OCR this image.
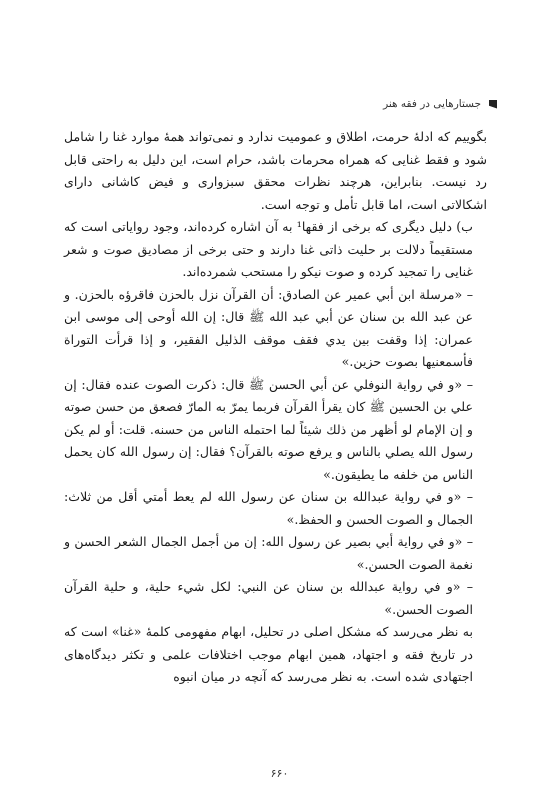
جستارهایی در فقه هنر

بگوییم که ادلهٔ حرمت، اطلاق و عمومیت ندارد و نمی‌تواند همهٔ موارد غنا را شامل شود و فقط غنایی که همراه محرمات باشد، حرام است، این دلیل به راحتی قابل رد نیست. بنابراین، هرچند نظرات محقق سبزواری و فیض کاشانی دارای اشکالاتی است، اما قابل تأمل و توجه است.

ب) دلیل دیگری که برخی از فقها¹ به آن اشاره کرده‌اند، وجود روایاتی است که مستقیماً دلالت بر حلیت ذاتی غنا دارند و حتی برخی از مصادیق صوت و شعر غنایی را تمجید کرده و صوت نیکو را مستحب شمرده‌اند.

– «مرسلة ابن أبي عمير عن الصادق: أن القرآن نزل بالحزن فاقرؤه بالحزن. و عن عبد الله بن سنان عن أبي عبد الله ﷺ قال: إن الله أوحى إلى موسى ابن عمران: إذا وقفت بين يدي فقف موقف الذليل الفقير، و إذا قرأت التوراة فأسمعنيها بصوت حزين.»

– «و في رواية النوفلي عن أبي الحسن ﷺ قال: ذكرت الصوت عنده فقال: إن علي بن الحسين ﷺ كان يقرأ القرآن فربما يمرّ به المارّ فصعق من حسن صوته و إن الإمام لو أظهر من ذلك شيئاً لما احتمله الناس من حسنه. قلت: أو لم يكن رسول الله يصلي بالناس و يرفع صوته بالقرآن؟ فقال: إن رسول الله كان يحمل الناس من خلفه ما يطيقون.»

– «و في رواية عبدالله بن سنان عن رسول الله لم يعط أمتي أقل من ثلاث: الجمال و الصوت الحسن و الحفظ.»

– «و في رواية أبي بصير عن رسول الله: إن من أجمل الجمال الشعر الحسن و نغمة الصوت الحسن.»

– «و في رواية عبدالله بن سنان عن النبي: لكل شيء حلية، و حلية القرآن الصوت الحسن.»

به نظر می‌رسد که مشکل اصلی در تحلیل، ابهام مفهومی کلمهٔ «غنا» است که در تاریخ فقه و اجتهاد، همین ابهام موجب اختلافات علمی و تکثر دیدگاه‌های اجتهادی شده است. به نظر می‌رسد که آنچه در میان انبوه

۶۶۰
